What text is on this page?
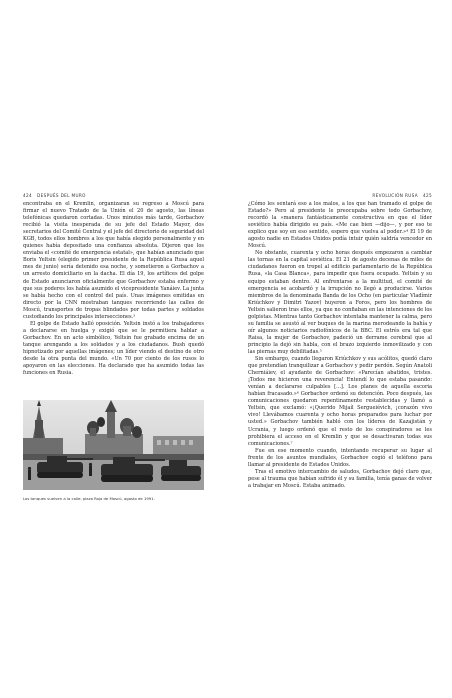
424 DESPUÉS DEL MURO

encontraba en el Kremlin, organizaran su regreso a Moscú para firmar el nuevo Tratado de la Unión el 20 de agosto, las líneas telefónicas quedaron cortadas. Unos minutos más tarde, Gorbachov recibió la visita inesperada de su jefe del Estado Mayor, dos secretarios del Comité Central y el jefe del directorio de seguridad del KGB, todos ellos hombres a los que había elegido personalmente y en quienes había depositado una confianza absoluta. Dijeron que los enviaba el «comité de emergencia estatal», que habían anunciado que Boris Yeltsin (elegido primer presidente de la República Rusa aquel mes de junio) sería detenido esa noche, y sometieron a Gorbachov a un arresto domiciliario en la dacha. El día 19, los artífices del golpe de Estado anunciaron oficialmente que Gorbachov estaba enfermo y que sus poderes los había asumido el vicepresidente Yanáiev. La junta se había hecho con el control del país. Unas imágenes emitidas en directo por la CNN mostraban tanques recorriendo las calles de Moscú, transportes de tropas blindados por todas partes y soldados custodiando los principales intersecciones.³

El golpe de Estado halló oposición. Yeltsin instó a los trabajadores a declararse en huelga y exigió que se le permitiera hablar a Gorbachov. En un acto simbólico, Yeltsin fue grabado encima de un tanque arengando a los soldados y a los ciudadanos. Bush quedó hipnotizado por aquellas imágenes; un líder viendo el destino de otro desde la otra punta del mundo. «Un 70 por ciento de los rusos lo apoyaron en las elecciones. Ha declarado que ha asumido todas las funciones en Rusia.

Los tanques vuelven a la calle: plaza Roja de Moscú, agosto de 1991.
REVOLUCIÓN RUSA 425

¿Cómo les sentará eso a los malos, a los que han tramado el golpe de Estado?» Pero al presidente le preocupaba sobre todo Gorbachov, recordó la «manera fantásticamente constructiva en que el líder soviético había dirigido su país. «Me cae bien —dijo—, y por eso te explico que soy en eso sentido, espero que vuelva al poder.»⁴ El 19 de agosto nadie en Estados Unidos podía intuir quién saldría vencedor en Moscú.

No obstante, cuarenta y ocho horas después empezaron a cambiar las tornas en la capital soviética. El 21 de agosto decenas de miles de ciudadanos fueron en tropel al edificio parlamentario de la República Rusa, «la Casa Blanca», para impedir que fuera ocupado. Yeltsin y su equipo estaban dentro. Al enfrentarse a la multitud, el comité de emergencia se acobardó y la irrupción no llegó a producirse. Varios miembros de la denominada Banda de los Ocho (en particular Vladímir Kriúchkov y Dimitri Yazov) huyeron a Foros, pero los hombres de Yeltsin salieron tras ellos, ya que no confiaban en las intenciones de los golpistas. Mientras tanto Gorbachov intentaba mantener la calma, pero su familia se asustó al ver buques de la marina merodeando la bahía y oír algunos noticiarios radiofónicos de la BBC. El estrés era tal que Raisa, la mujer de Gorbachov, padeció un derrame cerebral que al principio la dejó sin habla, con el brazo izquierdo inmovilizado y con las piernas muy debilitadas.⁵

Sin embargo, cuando llegaron Kriúchkov y sus acólitos, quedó claro que pretendían tranquilizar a Gorbachov y pedir perdón. Según Anatoli Cherniáiev, el ayudante de Gorbachov: «Parecían abatidos, tristes. ¡Todos me hicieron una reverencia! Entendí lo que estaba pasando: venían a declararse culpables [...]. Los planes de aquella escoria habían fracasado.»⁶ Gorbachov ordenó su detención. Poco después, las comunicaciones quedaron repentinamente restablecidas y llamó a Yeltsin, que exclamó: «¡Querido Mijaíl Sergueiévich, ¡corazón vivo vivo! Llevábamos cuarenta y ocho horas preparados para luchar por usted.» Gorbachov también habló con los líderes de Kazajistán y Ucrania, y luego ordenó que el resto de los conspiradores se les prohibiera el acceso en el Kremlin y que se desactivaran todas sus comunicaciones.⁷

Fue en ese momento cuando, intentando recuperar su lugar al frente de los asuntos mundiales, Gorbachov cogió el teléfono para llamar al presidente de Estados Unidos.

Tras el emotivo intercambio de saludos, Gorbachov dejó claro que, pese al trauma que habían sufrido él y su familia, tenía ganas de volver a trabajar en Moscú. Estaba animado.
